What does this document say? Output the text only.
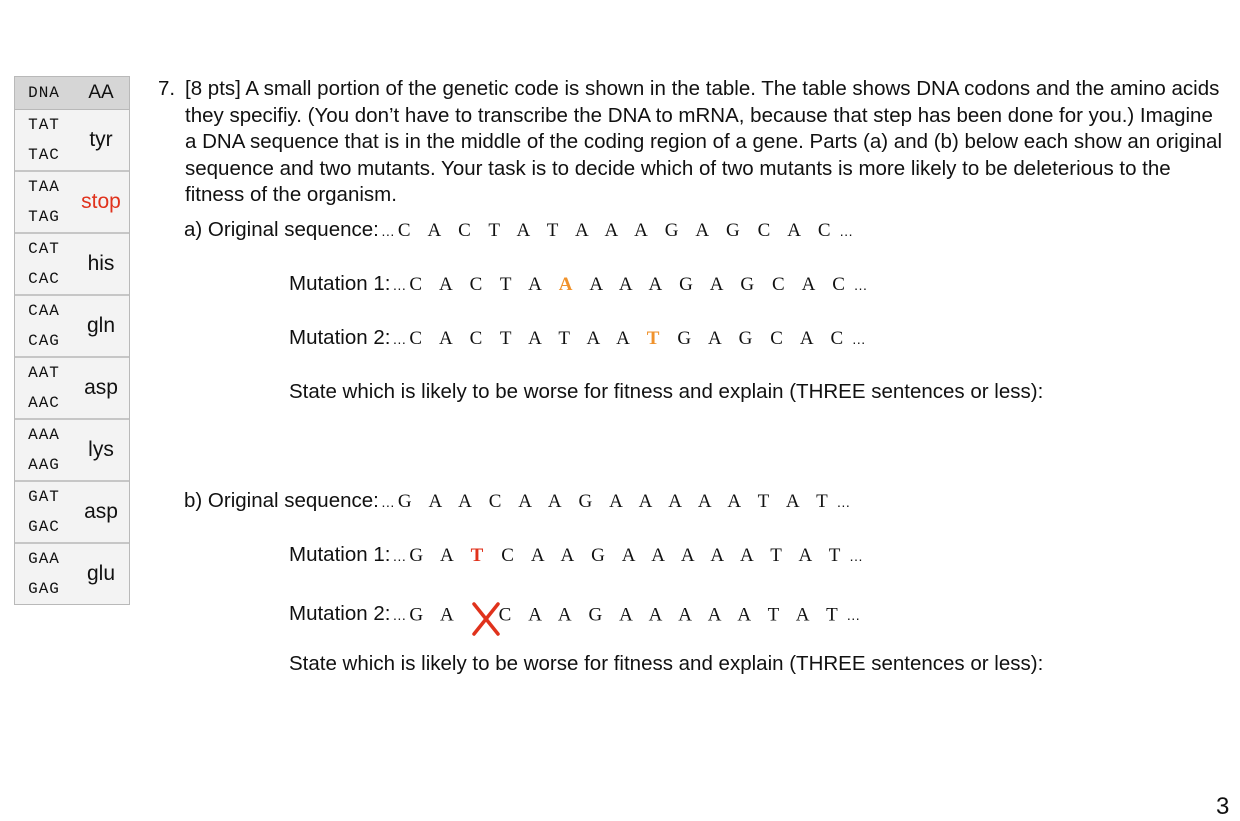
DNA	AA
TAT
TAC
tyr
TAA
TAG
stop
CAT
CAC
his
CAA
CAG
gln
AAT
AAC
asp
AAA
AAG
lys
GAT
GAC
asp
GAA
GAG
glu
7. [8 pts] A small portion of the genetic code is shown in the table. The table shows DNA codons and the amino acids they specifiy. (You don’t have to transcribe the DNA to mRNA, because that step has been done for you.) Imagine a DNA sequence that is in the middle of the coding region of a gene. Parts (a) and (b) below each show an original sequence and two mutants. Your task is to decide which of two mutants is more likely to be deleterious to the fitness of the organism.
a) Original sequence: … C A C T A T A A A G A G C A C …
Mutation 1: … C A C T A A A A A G A G C A C …
Mutation 2: … C A C T A T A A T G A G C A C …
State which is likely to be worse for fitness and explain (THREE sentences or less):
b) Original sequence: … G A A C A A G A A A A A T A T …
Mutation 1: … G A T C A A G A A A A A T A T …
Mutation 2: … G A C A A G A A A A A T A T …
State which is likely to be worse for fitness and explain (THREE sentences or less):
3
